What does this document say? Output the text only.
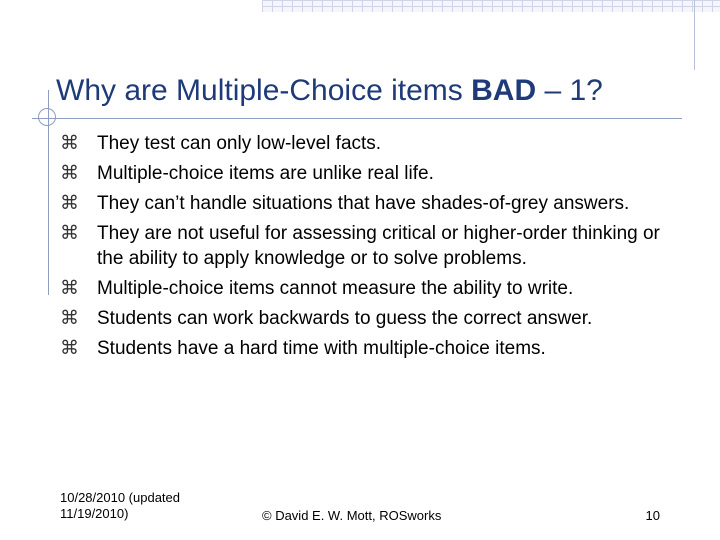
Why are Multiple-Choice items BAD – 1?
⌘ They test can only low-level facts.
⌘ Multiple-choice items are unlike real life.
⌘ They can’t handle situations that have shades-of-grey answers.
⌘ They are not useful for assessing critical or higher-order thinking or the ability to apply knowledge or to solve problems.
⌘ Multiple-choice items cannot measure the ability to write.
⌘ Students can work backwards to guess the correct answer.
⌘ Students have a hard time with multiple-choice items.
10/28/2010 (updated
11/19/2010)	© David E. W. Mott, ROSworks	10
